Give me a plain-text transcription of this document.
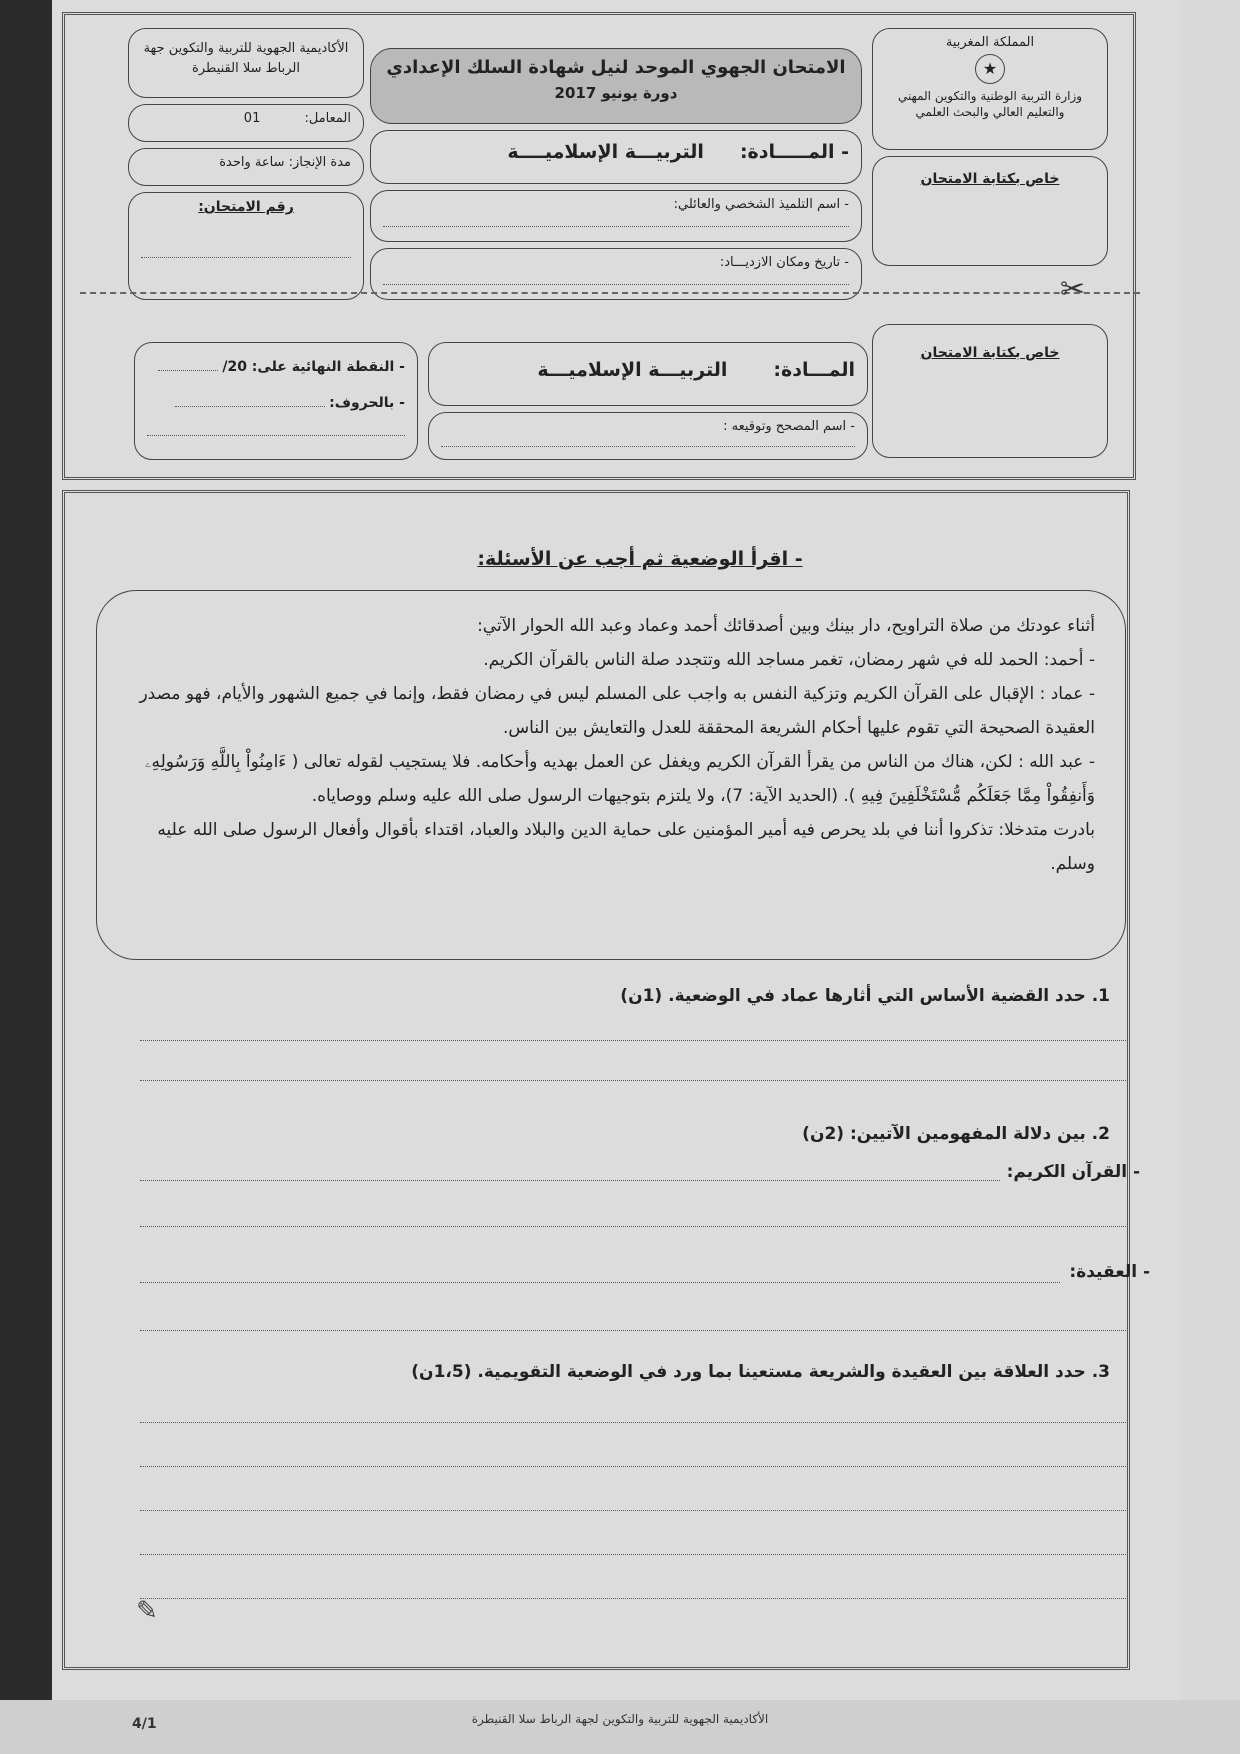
المملكة المغربية
★
وزارة التربية الوطنية والتكوين المهني والتعليم العالي والبحث العلمي
الامتحان الجهوي الموحد لنيل شهادة السلك الإعدادي
دورة يونيو 2017
الأكاديمية الجهوية للتربية والتكوين جهة الرباط سلا القنيطرة
المعامل: 01
مدة الإنجاز: ساعة واحدة
رقم الامتحان:
- المـــــادة: التربيـــة الإسلاميــــة
- اسم التلميذ الشخصي والعائلي:
- تاريخ ومكان الازديـــاد:
خاص بكتابة الامتحان
✂
خاص بكتابة الامتحان
المـــادة: التربيـــة الإسلاميـــة
- اسم المصحح وتوقيعه :
- النقطة النهائية على: 20/
- بالحروف:
- اقرأ الوضعية ثم أجب عن الأسئلة:

أثناء عودتك من صلاة التراويح، دار بينك وبين أصدقائك أحمد وعماد وعبد الله الحوار الآتي:

- أحمد: الحمد لله في شهر رمضان، تغمر مساجد الله وتتجدد صلة الناس بالقرآن الكريم.

- عماد : الإقبال على القرآن الكريم وتزكية النفس به واجب على المسلم ليس في رمضان فقط، وإنما في جميع الشهور والأيام، فهو مصدر العقيدة الصحيحة التي تقوم عليها أحكام الشريعة المحققة للعدل والتعايش بين الناس.

- عبد الله : لكن، هناك من الناس من يقرأ القرآن الكريم ويغفل عن العمل بهديه وأحكامه. فلا يستجيب لقوله تعالى ( ءَامِنُواْ بِاللَّهِ وَرَسُولِهِۦ وَأَنفِقُواْ مِمَّا جَعَلَكُم مُّسْتَخْلَفِينَ فِيهِ ). (الحديد الآية: 7)، ولا يلتزم بتوجيهات الرسول صلى الله عليه وسلم ووصاياه.

بادرت متدخلا: تذكروا أننا في بلد يحرص فيه أمير المؤمنين على حماية الدين والبلاد والعباد، اقتداء بأقوال وأفعال الرسول صلى الله عليه وسلم.

1. حدد القضية الأساس التي أثارها عماد في الوضعية. (1ن)
2. بين دلالة المفهومين الآتيين: (2ن)
- القرآن الكريم:
- العقيدة:
3. حدد العلاقة بين العقيدة والشريعة مستعينا بما ورد في الوضعية التقويمية. (1،5ن)
✎
الأكاديمية الجهوية للتربية والتكوين لجهة الرباط سلا القنيطرة
4/1
